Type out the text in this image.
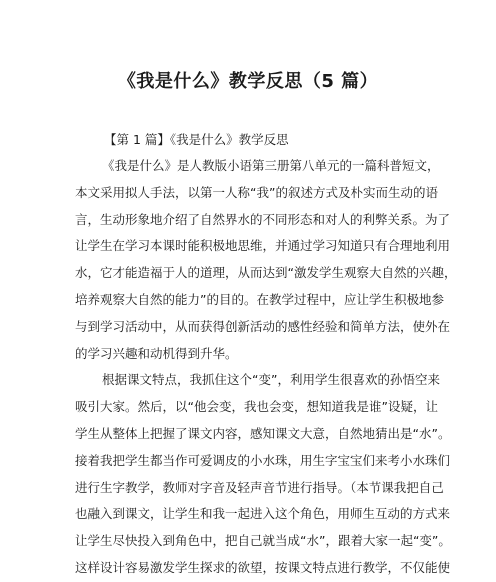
《我是什么》教学反思（5 篇）

【第 1 篇】《我是什么》教学反思

《我是什么》是人教版小语第三册第八单元的一篇科普短文，
本文采用拟人手法，以第一人称“我”的叙述方式及朴实而生动的语
言，生动形象地介绍了自然界水的不同形态和对人的利弊关系。为了
让学生在学习本课时能积极地思维，并通过学习知道只有合理地利用
水，它才能造福于人的道理，从而达到“激发学生观察大自然的兴趣，
培养观察大自然的能力”的目的。在教学过程中，应让学生积极地参
与到学习活动中，从而获得创新活动的感性经验和简单方法，使外在
的学习兴趣和动机得到升华。
根据课文特点，我抓住这个“变”，利用学生很喜欢的孙悟空来
吸引大家。然后，以“他会变，我也会变，想知道我是谁”设疑，让
学生从整体上把握了课文内容，感知课文大意，自然地猜出是“水”。
接着我把学生都当作可爱调皮的小水珠，用生字宝宝们来考小水珠们
进行生字教学，教师对字音及轻声音节进行指导。（本节课我把自己
也融入到课文，让学生和我一起进入这个角色，用师生互动的方式来
让学生尽快投入到角色中，把自己就当成“水”，跟着大家一起“变”。
这样设计容易激发学生探求的欲望，按课文特点进行教学，不仅能使
